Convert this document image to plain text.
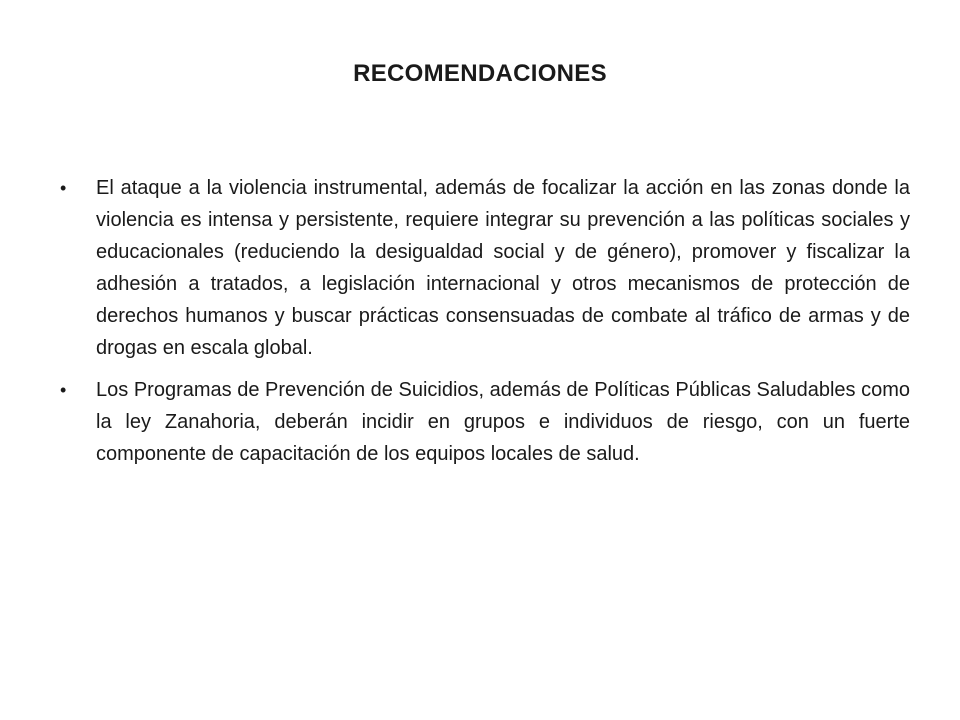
RECOMENDACIONES
• El ataque a la violencia instrumental, además de focalizar la acción en las zonas donde la violencia es intensa y persistente, requiere integrar su prevención a las políticas sociales y educacionales (reduciendo la desigualdad social y de género), promover y fiscalizar la adhesión a tratados, a legislación internacional y otros mecanismos de protección de derechos humanos y buscar prácticas consensuadas de combate al tráfico de armas y de drogas en escala global.
• Los Programas de Prevención de Suicidios, además de Políticas Públicas Saludables como la ley Zanahoria, deberán incidir en grupos e individuos de riesgo, con un fuerte componente de capacitación de los equipos locales de salud.
